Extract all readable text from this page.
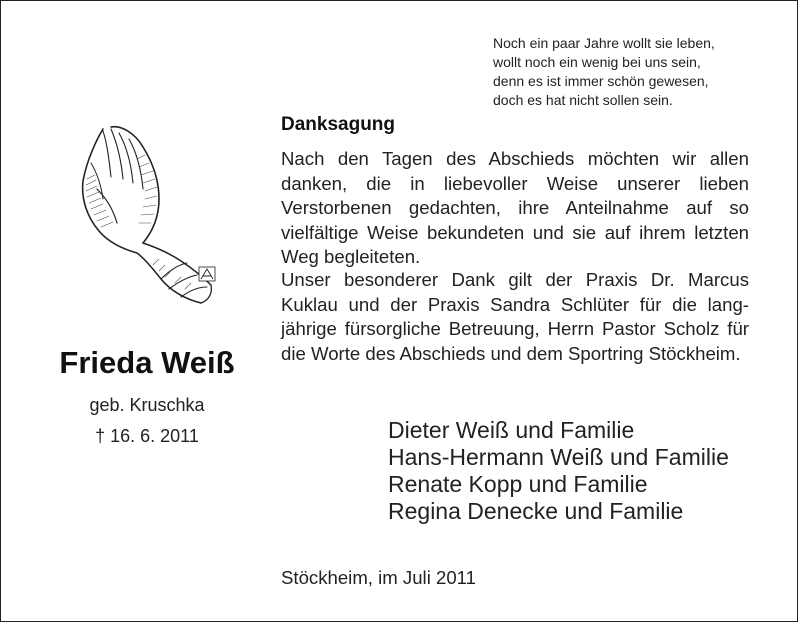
Noch ein paar Jahre wollt sie leben,
wollt noch ein wenig bei uns sein,
denn es ist immer schön gewesen,
doch es hat nicht sollen sein.
Frieda Weiß
geb. Kruschka
† 16. 6. 2011
Danksagung
Nach den Tagen des Abschieds möchten wir allen danken, die in liebevoller Weise unserer lieben Verstorbenen gedachten, ihre Anteilnahme auf so vielfältige Weise bekundeten und sie auf ihrem letzten Weg begleiteten.
Unser besonderer Dank gilt der Praxis Dr. Marcus Kuklau und der Praxis Sandra Schlüter für die langjährige fürsorgliche Betreuung, Herrn Pastor Scholz für die Worte des Abschieds und dem Sportring Stöckheim.
Dieter Weiß und Familie
Hans-Hermann Weiß und Familie
Renate Kopp und Familie
Regina Denecke und Familie
Stöckheim, im Juli 2011
